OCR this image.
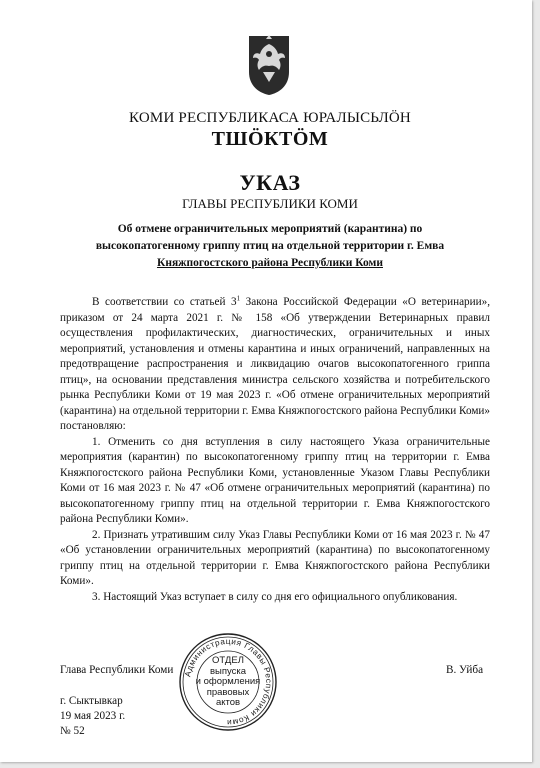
КОМИ РЕСПУБЛИКАСА ЮРАЛЫСЬЛӦН
ТШӦКТӦМ
УКАЗ
ГЛАВЫ РЕСПУБЛИКИ КОМИ
Об отмене ограничительных мероприятий (карантина) по
высокопатогенному гриппу птиц на отдельной территории г. Емва
Княжпогостского района Республики Коми

В соответствии со статьей $3^1$ Закона Российской Федерации «О ветеринарии», приказом от 24 марта 2021 г. № 158 «Об утверждении Ветеринарных правил осуществления профилактических, диагностических, ограничительных и иных мероприятий, установления и отмены карантина и иных ограничений, направленных на предотвращение распространения и ликвидацию очагов высокопатогенного гриппа птиц», на основании представления министра сельского хозяйства и потребительского рынка Республики Коми от 19 мая 2023 г. «Об отмене ограничительных мероприятий (карантина) на отдельной территории г. Емва Княжпогостского района Республики Коми» постановляю:

1. Отменить со дня вступления в силу настоящего Указа ограничительные мероприятия (карантин) по высокопатогенному гриппу птиц на территории г. Емва Княжпогостского района Республики Коми, установленные Указом Главы Республики Коми от 16 мая 2023 г. № 47 «Об отмене ограничительных мероприятий (карантина) по высокопатогенному гриппу птиц на отдельной территории г. Емва Княжпогостского района Республики Коми».

2. Признать утратившим силу Указ Главы Республики Коми от 16 мая 2023 г. № 47 «Об установлении ограничительных мероприятий (карантина) по высокопатогенному гриппу птиц на отдельной территории г. Емва Княжпогостского района Республики Коми».

3. Настоящий Указ вступает в силу со дня его официального опубликования.

Глава Республики Коми	В. Уйба
г. Сыктывкар
19 мая 2023 г.
№ 52
Администрация Главы Республики Коми
ОТДЕЛ
выпуска
и оформления
правовых
актов
